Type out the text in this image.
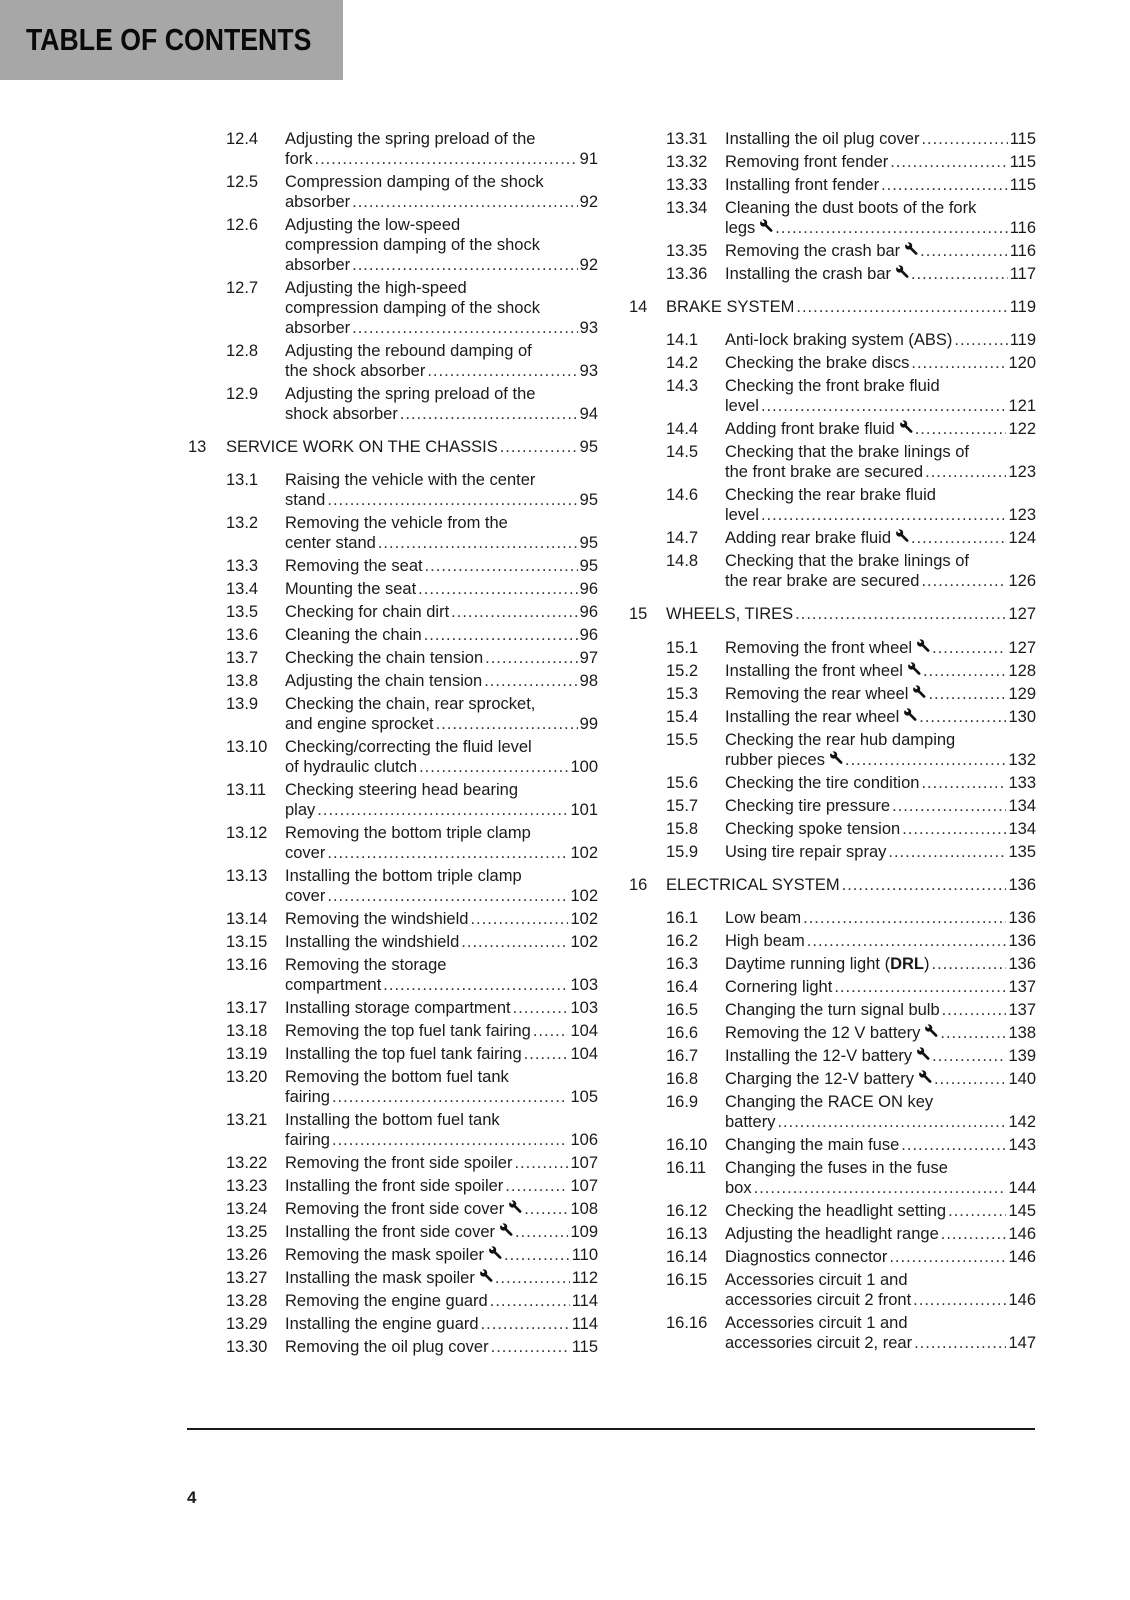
TABLE OF CONTENTS
12.4 Adjusting the spring preload of the
fork .....	91
12.5 Compression damping of the shock
absorber .....	92
12.6 Adjusting the low-speed
compression damping of the shock
absorber .....	92
12.7 Adjusting the high-speed
compression damping of the shock
absorber .....	93
12.8 Adjusting the rebound damping of
the shock absorber .....	93
12.9 Adjusting the spring preload of the
shock absorber .....	94
13 SERVICE WORK ON THE CHASSIS .....	95
13.1 Raising the vehicle with the center
stand .....	95
13.2 Removing the vehicle from the
center stand .....	95
13.3 Removing the seat .....	95
13.4 Mounting the seat .....	96
13.5 Checking for chain dirt .....	96
13.6 Cleaning the chain .....	96
13.7 Checking the chain tension .....	97
13.8 Adjusting the chain tension .....	98
13.9 Checking the chain, rear sprocket,
and engine sprocket .....	99
13.10 Checking/correcting the fluid level
of hydraulic clutch .....	100
13.11 Checking steering head bearing
play .....	101
13.12 Removing the bottom triple clamp
cover .....	102
13.13 Installing the bottom triple clamp
cover .....	102
13.14 Removing the windshield .....	102
13.15 Installing the windshield .....	102
13.16 Removing the storage
compartment .....	103
13.17 Installing storage compartment .....	103
13.18 Removing the top fuel tank fairing ..... 104
13.19 Installing the top fuel tank fairing .....	104
13.20 Removing the bottom fuel tank
fairing .....	105
13.21 Installing the bottom fuel tank
fairing .....	106
13.22 Removing the front side spoiler .....	107
13.23 Installing the front side spoiler .....	107
13.24 Removing the front side cover .....	108
13.25 Installing the front side cover .....	109
13.26 Removing the mask spoiler .....	110
13.27 Installing the mask spoiler .....	112
13.28 Removing the engine guard .....	114
13.29 Installing the engine guard .....	114
13.30 Removing the oil plug cover .....	115
13.31 Installing the oil plug cover .....	115
13.32 Removing front fender .....	115
13.33 Installing front fender .....	115
13.34 Cleaning the dust boots of the fork
legs .....	116
13.35 Removing the crash bar .....	116
13.36 Installing the crash bar .....	117
14 BRAKE SYSTEM .....	119
14.1 Anti-lock braking system (ABS) .....	119
14.2 Checking the brake discs .....	120
14.3 Checking the front brake fluid
level .....	121
14.4 Adding front brake fluid .....	122
14.5 Checking that the brake linings of
the front brake are secured .....	123
14.6 Checking the rear brake fluid
level .....	123
14.7 Adding rear brake fluid .....	124
14.8 Checking that the brake linings of
the rear brake are secured .....	126
15 WHEELS, TIRES .....	127
15.1 Removing the front wheel .....	127
15.2 Installing the front wheel .....	128
15.3 Removing the rear wheel .....	129
15.4 Installing the rear wheel .....	130
15.5 Checking the rear hub damping
rubber pieces .....	132
15.6 Checking the tire condition .....	133
15.7 Checking tire pressure .....	134
15.8 Checking spoke tension .....	134
15.9 Using tire repair spray .....	135
16 ELECTRICAL SYSTEM .....	136
16.1 Low beam .....	136
16.2 High beam .....	136
16.3 Daytime running light ( DRL ) .....	136
16.4 Cornering light .....	137
16.5 Changing the turn signal bulb .....	137
16.6 Removing the 12 V battery .....	138
16.7 Installing the 12-V battery .....	139
16.8 Charging the 12-V battery .....	140
16.9 Changing the RACE ON key
battery .....	142
16.10 Changing the main fuse .....	143
16.11 Changing the fuses in the fuse
box .....	144
16.12 Checking the headlight setting .....	145
16.13 Adjusting the headlight range .....	146
16.14 Diagnostics connector .....	146
16.15 Accessories circuit 1 and
accessories circuit 2 front .....	146
16.16 Accessories circuit 1 and
accessories circuit 2, rear .....	147
4
